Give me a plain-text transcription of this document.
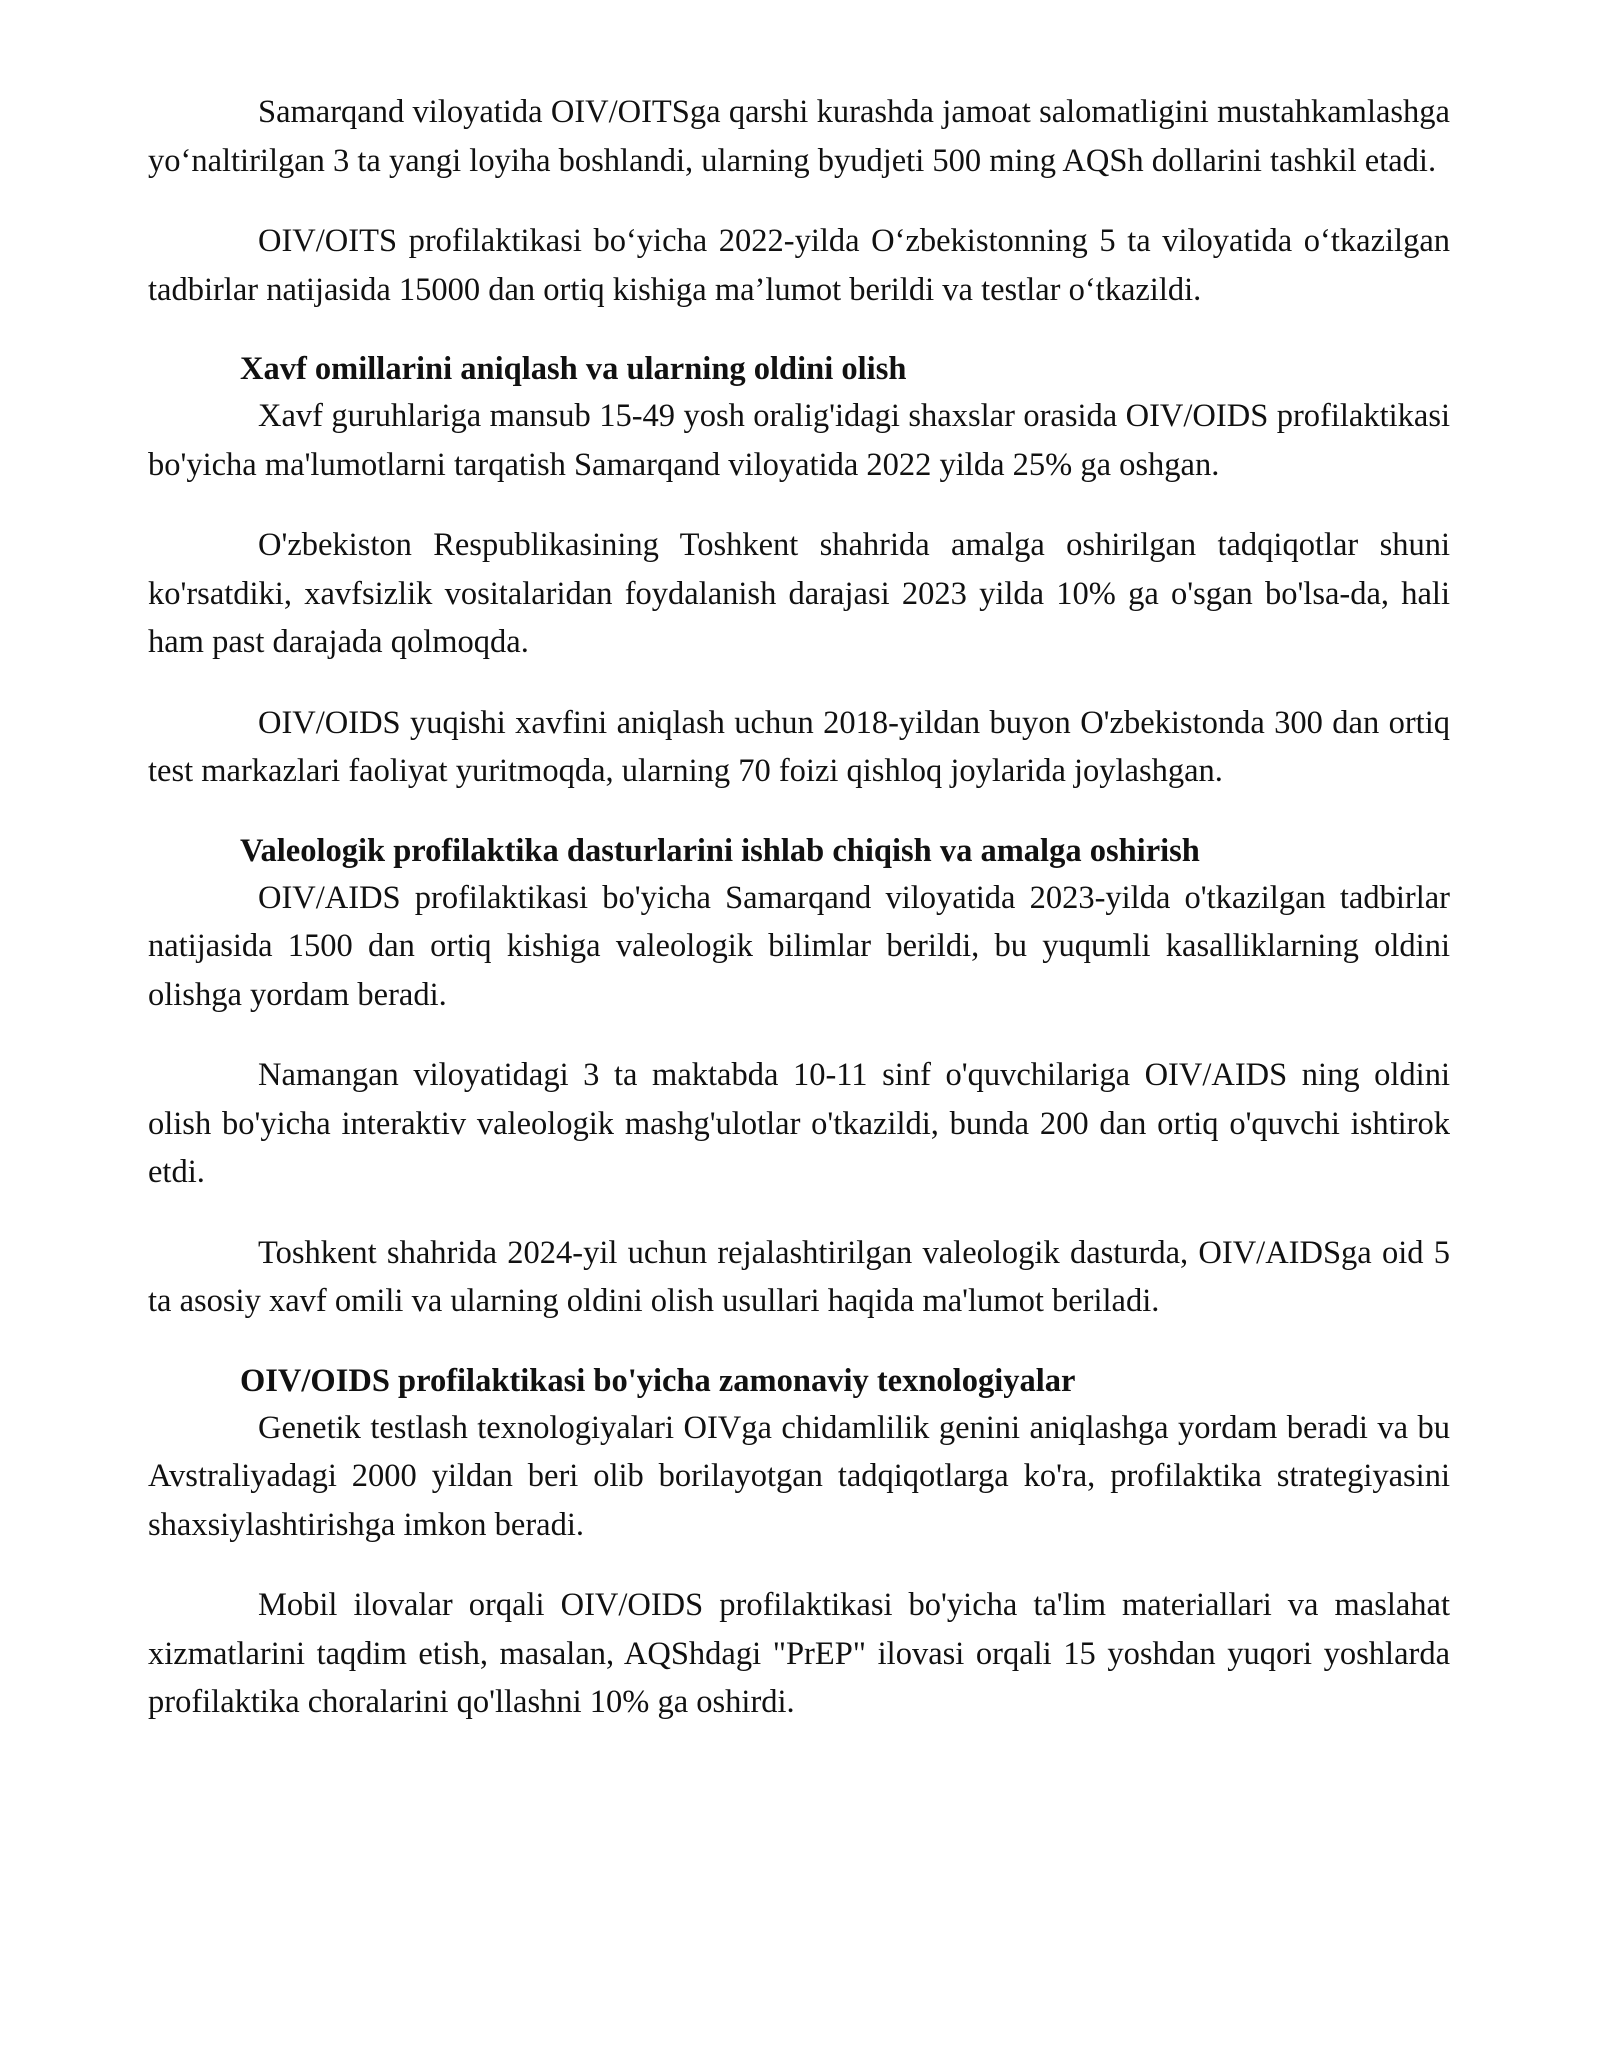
Samarqand viloyatida OIV/OITSga qarshi kurashda jamoat salomatligini mustahkamlashga yo‘naltirilgan 3 ta yangi loyiha boshlandi, ularning byudjeti 500 ming AQSh dollarini tashkil etadi.

OIV/OITS profilaktikasi bo‘yicha 2022-yilda O‘zbekistonning 5 ta viloyatida o‘tkazilgan tadbirlar natijasida 15000 dan ortiq kishiga ma’lumot berildi va testlar o‘tkazildi.

Xavf omillarini aniqlash va ularning oldini olish

Xavf guruhlariga mansub 15-49 yosh oralig'idagi shaxslar orasida OIV/OIDS profilaktikasi bo'yicha ma'lumotlarni tarqatish Samarqand viloyatida 2022 yilda 25% ga oshgan.

O'zbekiston Respublikasining Toshkent shahrida amalga oshirilgan tadqiqotlar shuni ko'rsatdiki, xavfsizlik vositalaridan foydalanish darajasi 2023 yilda 10% ga o'sgan bo'lsa-da, hali ham past darajada qolmoqda.

OIV/OIDS yuqishi xavfini aniqlash uchun 2018-yildan buyon O'zbekistonda 300 dan ortiq test markazlari faoliyat yuritmoqda, ularning 70 foizi qishloq joylarida joylashgan.

Valeologik profilaktika dasturlarini ishlab chiqish va amalga oshirish

OIV/AIDS profilaktikasi bo'yicha Samarqand viloyatida 2023-yilda o'tkazilgan tadbirlar natijasida 1500 dan ortiq kishiga valeologik bilimlar berildi, bu yuqumli kasalliklarning oldini olishga yordam beradi.

Namangan viloyatidagi 3 ta maktabda 10-11 sinf o'quvchilariga OIV/AIDS ning oldini olish bo'yicha interaktiv valeologik mashg'ulotlar o'tkazildi, bunda 200 dan ortiq o'quvchi ishtirok etdi.

Toshkent shahrida 2024-yil uchun rejalashtirilgan valeologik dasturda, OIV/AIDSga oid 5 ta asosiy xavf omili va ularning oldini olish usullari haqida ma'lumot beriladi.

OIV/OIDS profilaktikasi bo'yicha zamonaviy texnologiyalar

Genetik testlash texnologiyalari OIVga chidamlilik genini aniqlashga yordam beradi va bu Avstraliyadagi 2000 yildan beri olib borilayotgan tadqiqotlarga ko'ra, profilaktika strategiyasini shaxsiylashtirishga imkon beradi.

Mobil ilovalar orqali OIV/OIDS profilaktikasi bo'yicha ta'lim materiallari va maslahat xizmatlarini taqdim etish, masalan, AQShdagi "PrEP" ilovasi orqali 15 yoshdan yuqori yoshlarda profilaktika choralarini qo'llashni 10% ga oshirdi.
